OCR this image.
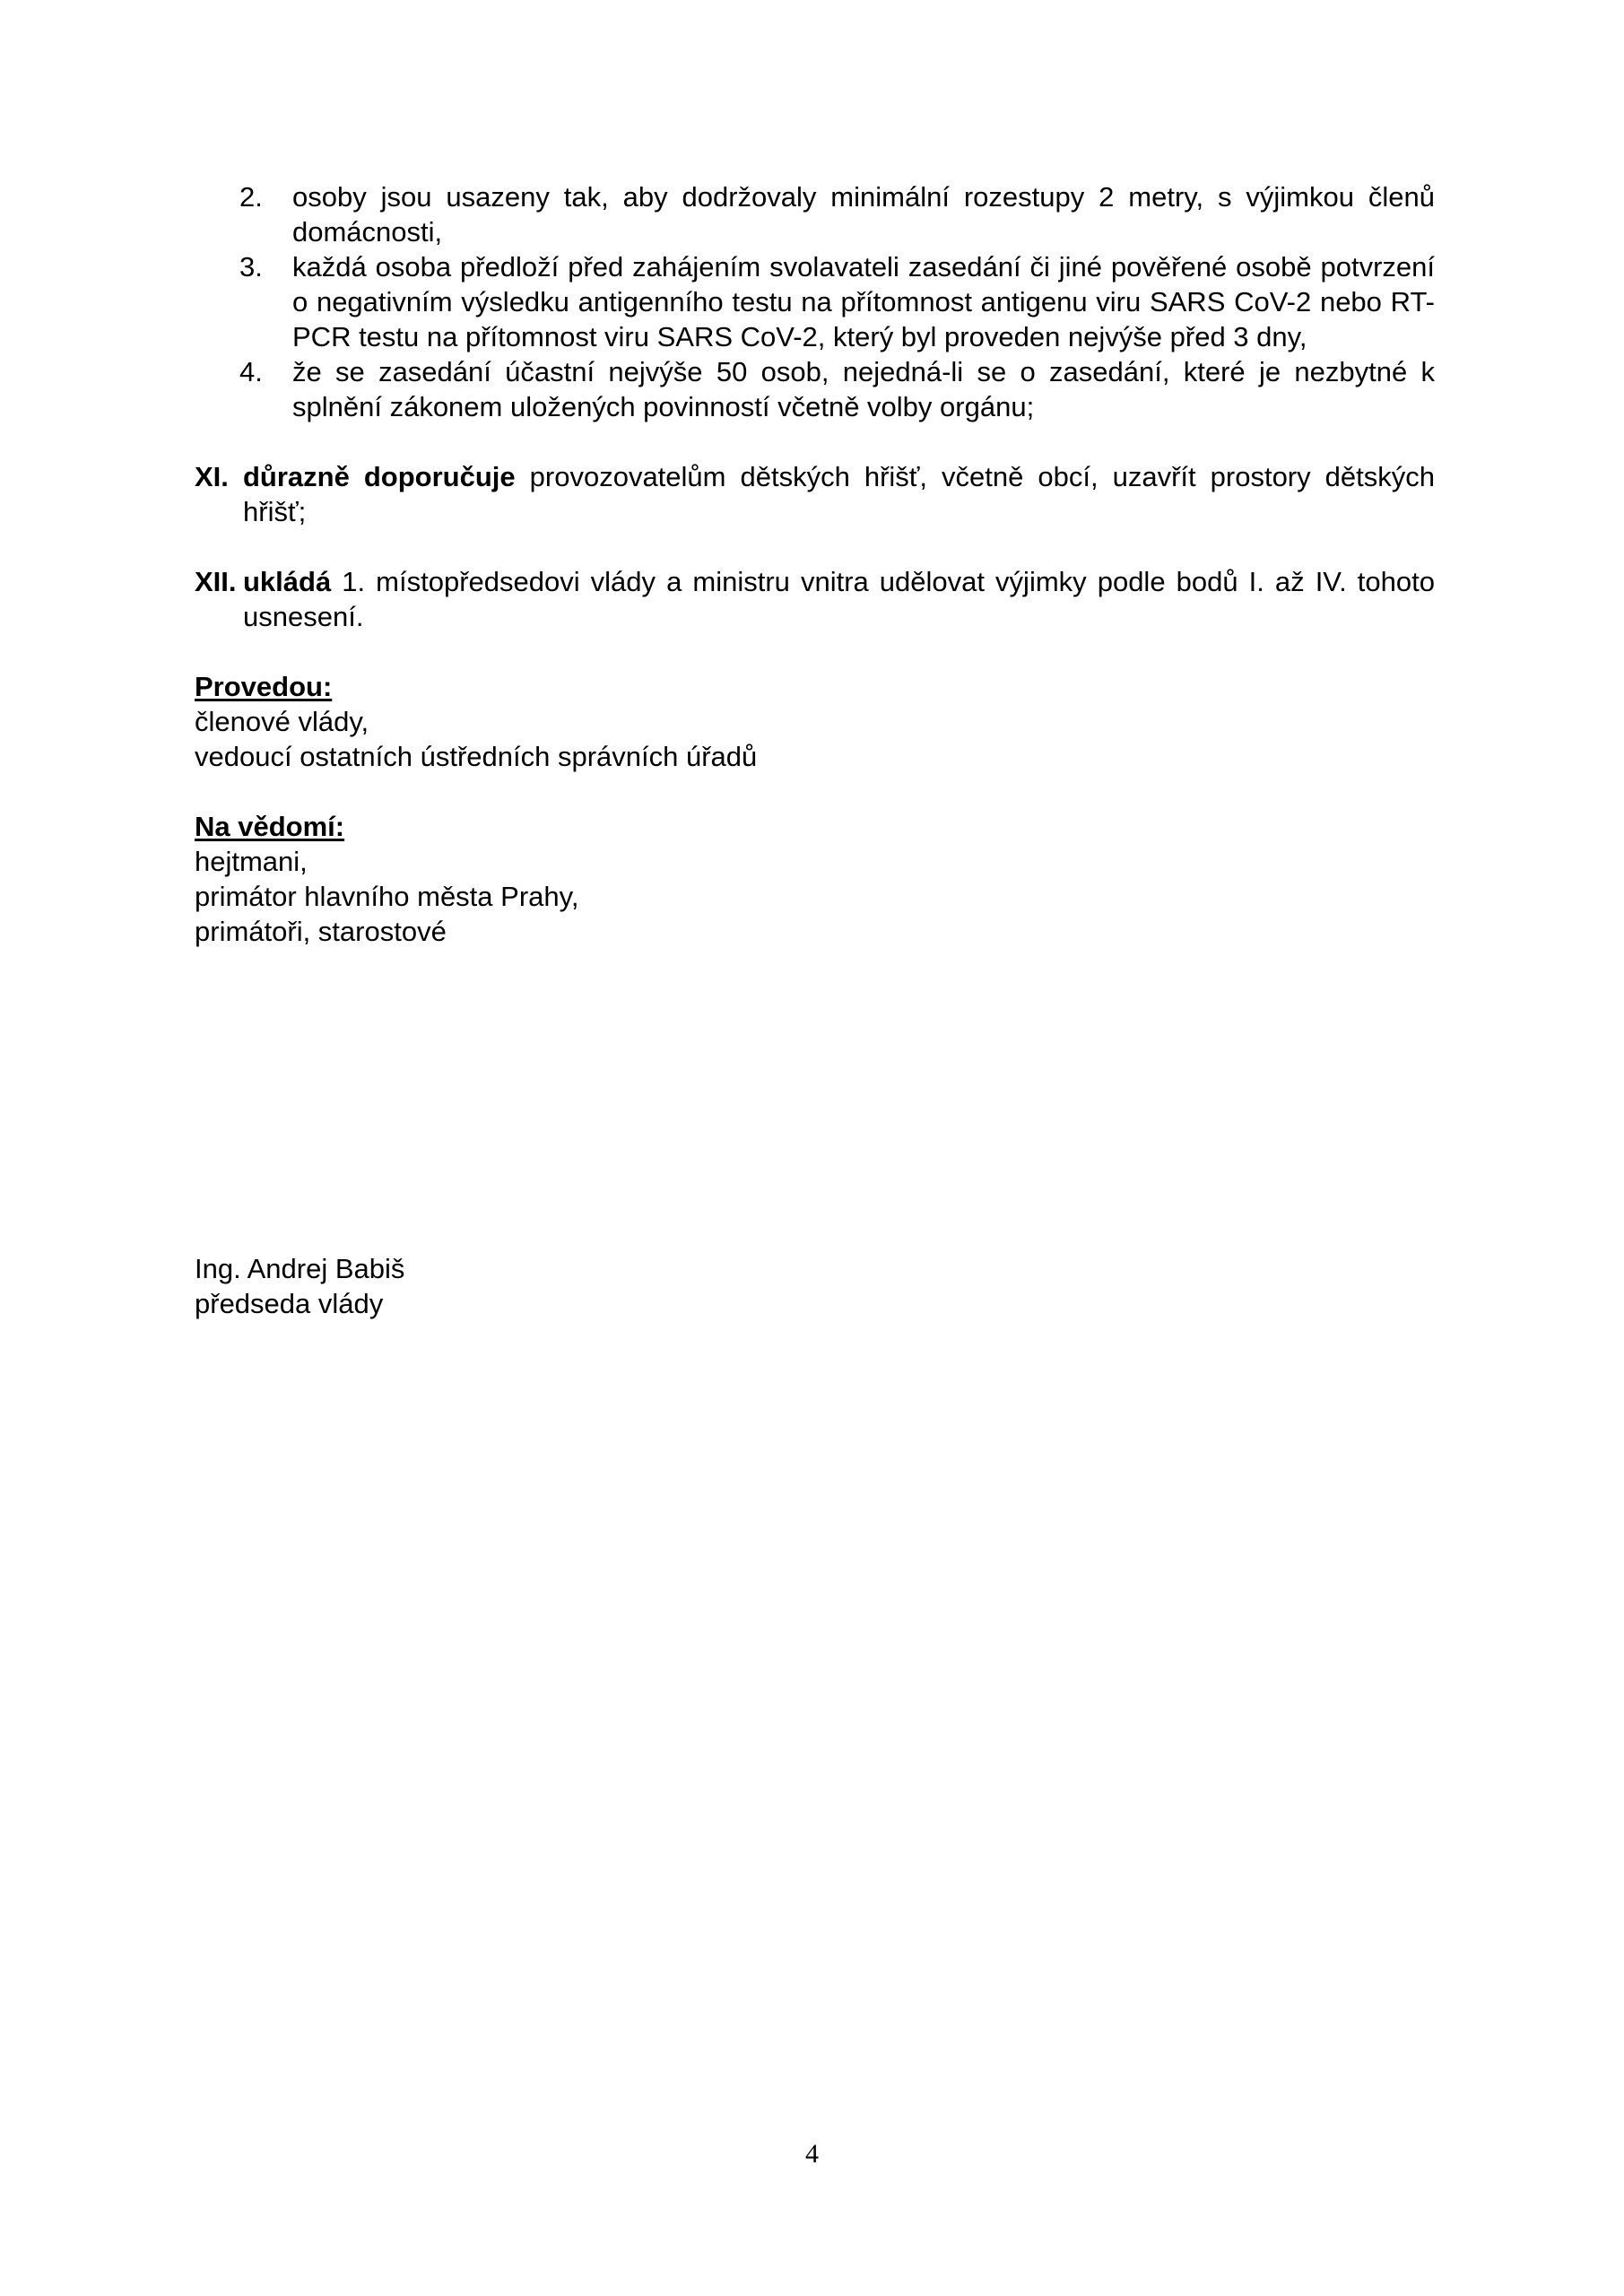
2. osoby jsou usazeny tak, aby dodržovaly minimální rozestupy 2 metry, s výjimkou členů domácnosti,
3. každá osoba předloží před zahájením svolavateli zasedání či jiné pověřené osobě potvrzení o negativním výsledku antigenního testu na přítomnost antigenu viru SARS CoV-2 nebo RT-PCR testu na přítomnost viru SARS CoV-2, který byl proveden nejvýše před 3 dny,
4. že se zasedání účastní nejvýše 50 osob, nejedná-li se o zasedání, které je nezbytné k splnění zákonem uložených povinností včetně volby orgánu;
XI. důrazně doporučuje provozovatelům dětských hřišť, včetně obcí, uzavřít prostory dětských hřišť;
XII. ukládá 1. místopředsedovi vlády a ministru vnitra udělovat výjimky podle bodů I. až IV. tohoto usnesení.
Provedou:
členové vlády,
vedoucí ostatních ústředních správních úřadů
Na vědomí:
hejtmani,
primátor hlavního města Prahy,
primátoři, starostové
Ing. Andrej Babiš
předseda vlády
4
